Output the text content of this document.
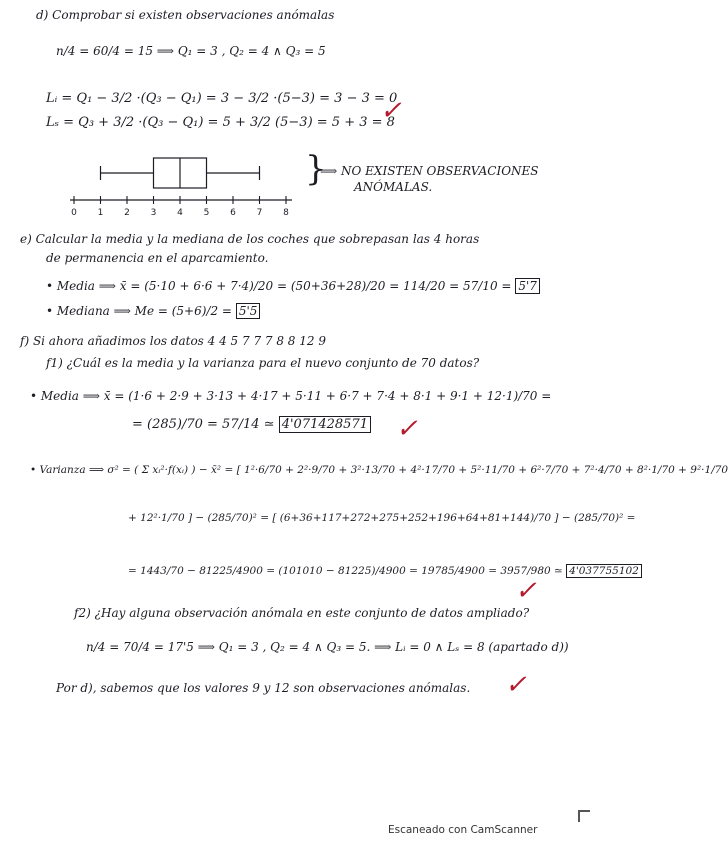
d) Comprobar si existen observaciones anómalas
n/4 = 60/4 = 15 ⟹ Q₁ = 3 , Q₂ = 4 ∧ Q₃ = 5
Lᵢ = Q₁ − 3/2 ·(Q₃ − Q₁) = 3 − 3/2 ·(5−3) = 3 − 3 = 0
Lₛ = Q₃ + 3/2 ·(Q₃ − Q₁) = 5 + 3/2 (5−3) = 5 + 3 = 8
✓
0 1 2 3 4 5 6 7 8
}
⟹ NO EXISTEN OBSERVACIONES
ANÓMALAS.
e) Calcular la media y la mediana de los coches que sobrepasan las 4 horas
de permanencia en el aparcamiento.
• Media ⟹ x̄ = (5·10 + 6·6 + 7·4)/20 = (50+36+28)/20 = 114/20 = 57/10 = 5'7
• Mediana ⟹ Me = (5+6)/2 = 5'5
f) Si ahora añadimos los datos 4 4 5 7 7 7 8 8 12 9
f1) ¿Cuál es la media y la varianza para el nuevo conjunto de 70 datos?
• Media ⟹ x̄ = (1·6 + 2·9 + 3·13 + 4·17 + 5·11 + 6·7 + 7·4 + 8·1 + 9·1 + 12·1)/70 =
= (285)/70 = 57/14 ≃ 4'071428571 ✓
• Varianza ⟹ σ² = ( Σ xᵢ²·f(xᵢ) ) − x̄² = [ 1²·6/70 + 2²·9/70 + 3²·13/70 + 4²·17/70 + 5²·11/70 + 6²·7/70 + 7²·4/70 + 8²·1/70 + 9²·1/70
+ 12²·1/70 ] − (285/70)² = [ (6+36+117+272+275+252+196+64+81+144)/70 ] − (285/70)² =
= 1443/70 − 81225/4900 = (101010 − 81225)/4900 = 19785/4900 = 3957/980 ≃ 4'037755102
✓
f2) ¿Hay alguna observación anómala en este conjunto de datos ampliado?
n/4 = 70/4 = 17'5 ⟹ Q₁ = 3 , Q₂ = 4 ∧ Q₃ = 5. ⟹ Lᵢ = 0 ∧ Lₛ = 8 (apartado d))
Por d), sabemos que los valores 9 y 12 son observaciones anómalas. ✓
Escaneado con CamScanner
